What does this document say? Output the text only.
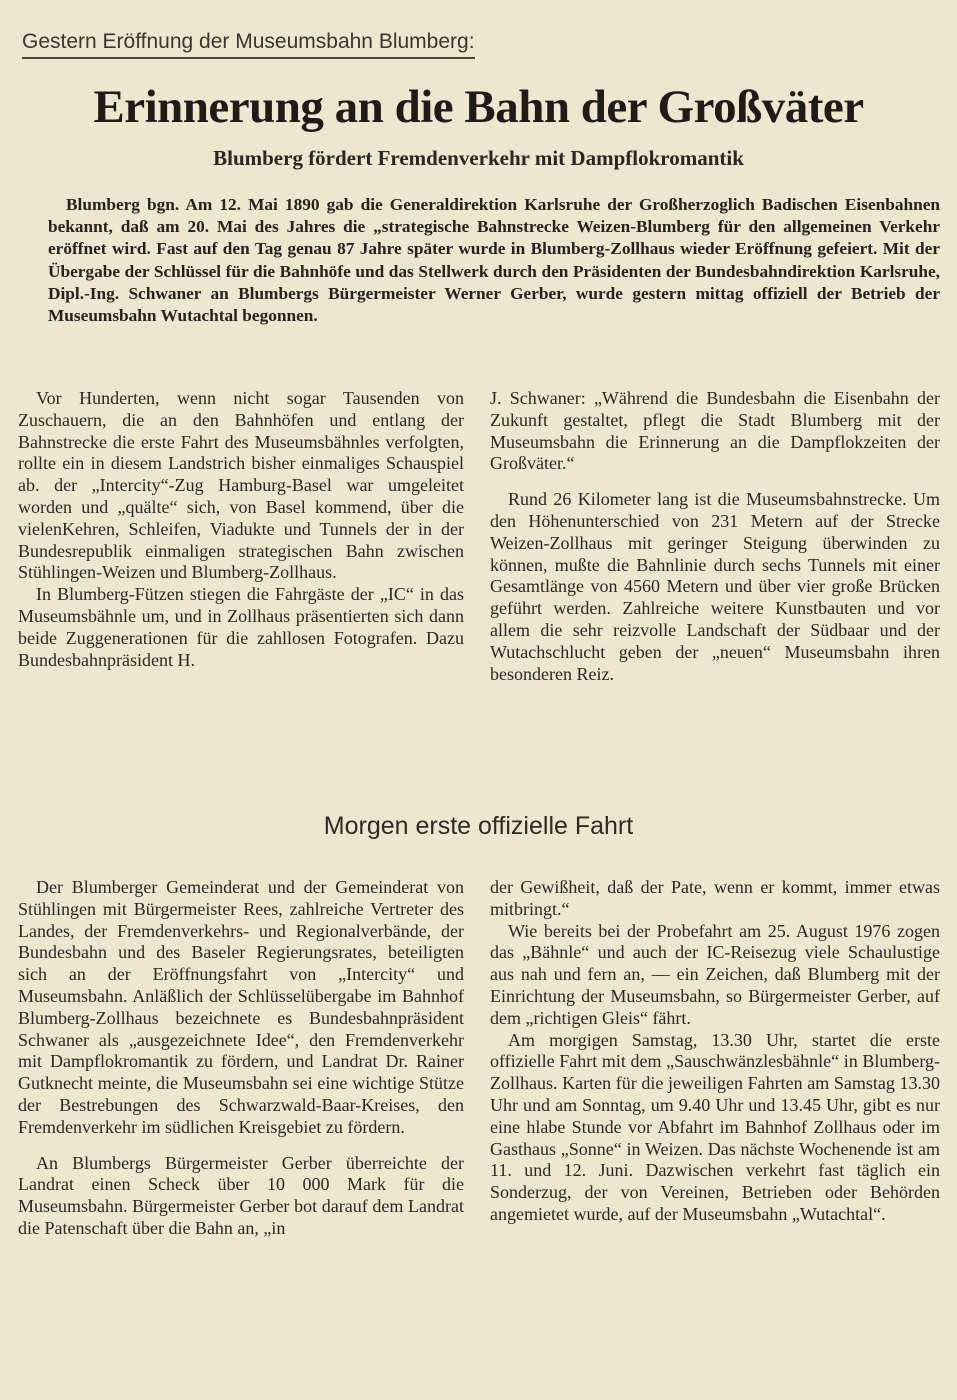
Gestern Eröffnung der Museumsbahn Blumberg:
Erinnerung an die Bahn der Großväter
Blumberg fördert Fremdenverkehr mit Dampflokromantik

Blumberg bgn. Am 12. Mai 1890 gab die Generaldirektion Karlsruhe der Großherzoglich Badischen Eisenbahnen bekannt, daß am 20. Mai des Jahres die „strategische Bahnstrecke Weizen-Blumberg für den allgemeinen Verkehr eröffnet wird. Fast auf den Tag genau 87 Jahre später wurde in Blumberg-Zollhaus wieder Eröffnung gefeiert. Mit der Übergabe der Schlüssel für die Bahnhöfe und das Stellwerk durch den Präsidenten der Bundesbahndirektion Karlsruhe, Dipl.-Ing. Schwaner an Blumbergs Bürgermeister Werner Gerber, wurde gestern mittag offiziell der Betrieb der Museumsbahn Wutachtal begonnen.

Vor Hunderten, wenn nicht sogar Tausenden von Zuschauern, die an den Bahnhöfen und entlang der Bahnstrecke die erste Fahrt des Museumsbähnles verfolgten, rollte ein in diesem Landstrich bisher einmaliges Schauspiel ab. der „Intercity“-Zug Hamburg-Basel war umgeleitet worden und „quälte“ sich, von Basel kommend, über die vielenKehren, Schleifen, Viadukte und Tunnels der in der Bundesrepublik einmaligen strategischen Bahn zwischen Stühlingen-Weizen und Blumberg-Zollhaus.

In Blumberg-Fützen stiegen die Fahrgäste der „IC“ in das Museumsbähnle um, und in Zollhaus präsentierten sich dann beide Zuggenerationen für die zahllosen Fotografen. Dazu Bundesbahnpräsident H.

J. Schwaner: „Während die Bundesbahn die Eisenbahn der Zukunft gestaltet, pflegt die Stadt Blumberg mit der Museumsbahn die Erinnerung an die Dampflokzeiten der Großväter.“

Rund 26 Kilometer lang ist die Museumsbahnstrecke. Um den Höhenunterschied von 231 Metern auf der Strecke Weizen-Zollhaus mit geringer Steigung überwinden zu können, mußte die Bahnlinie durch sechs Tunnels mit einer Gesamtlänge von 4560 Metern und über vier große Brücken geführt werden. Zahlreiche weitere Kunstbauten und vor allem die sehr reizvolle Landschaft der Südbaar und der Wutachschlucht geben der „neuen“ Museumsbahn ihren besonderen Reiz.

Morgen erste offizielle Fahrt

Der Blumberger Gemeinderat und der Gemeinderat von Stühlingen mit Bürgermeister Rees, zahlreiche Vertreter des Landes, der Fremdenverkehrs- und Regionalverbände, der Bundesbahn und des Baseler Regierungsrates, beteiligten sich an der Eröffnungsfahrt von „Intercity“ und Museumsbahn. Anläßlich der Schlüsselübergabe im Bahnhof Blumberg-Zollhaus bezeichnete es Bundesbahnpräsident Schwaner als „ausgezeichnete Idee“, den Fremdenverkehr mit Dampflokromantik zu fördern, und Landrat Dr. Rainer Gutknecht meinte, die Museumsbahn sei eine wichtige Stütze der Bestrebungen des Schwarzwald-Baar-Kreises, den Fremdenverkehr im südlichen Kreisgebiet zu fördern.

An Blumbergs Bürgermeister Gerber überreichte der Landrat einen Scheck über 10 000 Mark für die Museumsbahn. Bürgermeister Gerber bot darauf dem Landrat die Patenschaft über die Bahn an, „in

der Gewißheit, daß der Pate, wenn er kommt, immer etwas mitbringt.“

Wie bereits bei der Probefahrt am 25. August 1976 zogen das „Bähnle“ und auch der IC-Reisezug viele Schaulustige aus nah und fern an, — ein Zeichen, daß Blumberg mit der Einrichtung der Museumsbahn, so Bürgermeister Gerber, auf dem „richtigen Gleis“ fährt.

Am morgigen Samstag, 13.30 Uhr, startet die erste offizielle Fahrt mit dem „Sauschwänzlesbähnle“ in Blumberg-Zollhaus. Karten für die jeweiligen Fahrten am Samstag 13.30 Uhr und am Sonntag, um 9.40 Uhr und 13.45 Uhr, gibt es nur eine hlabe Stunde vor Abfahrt im Bahnhof Zollhaus oder im Gasthaus „Sonne“ in Weizen. Das nächste Wochenende ist am 11. und 12. Juni. Dazwischen verkehrt fast täglich ein Sonderzug, der von Vereinen, Betrieben oder Behörden angemietet wurde, auf der Museumsbahn „Wutachtal“.
